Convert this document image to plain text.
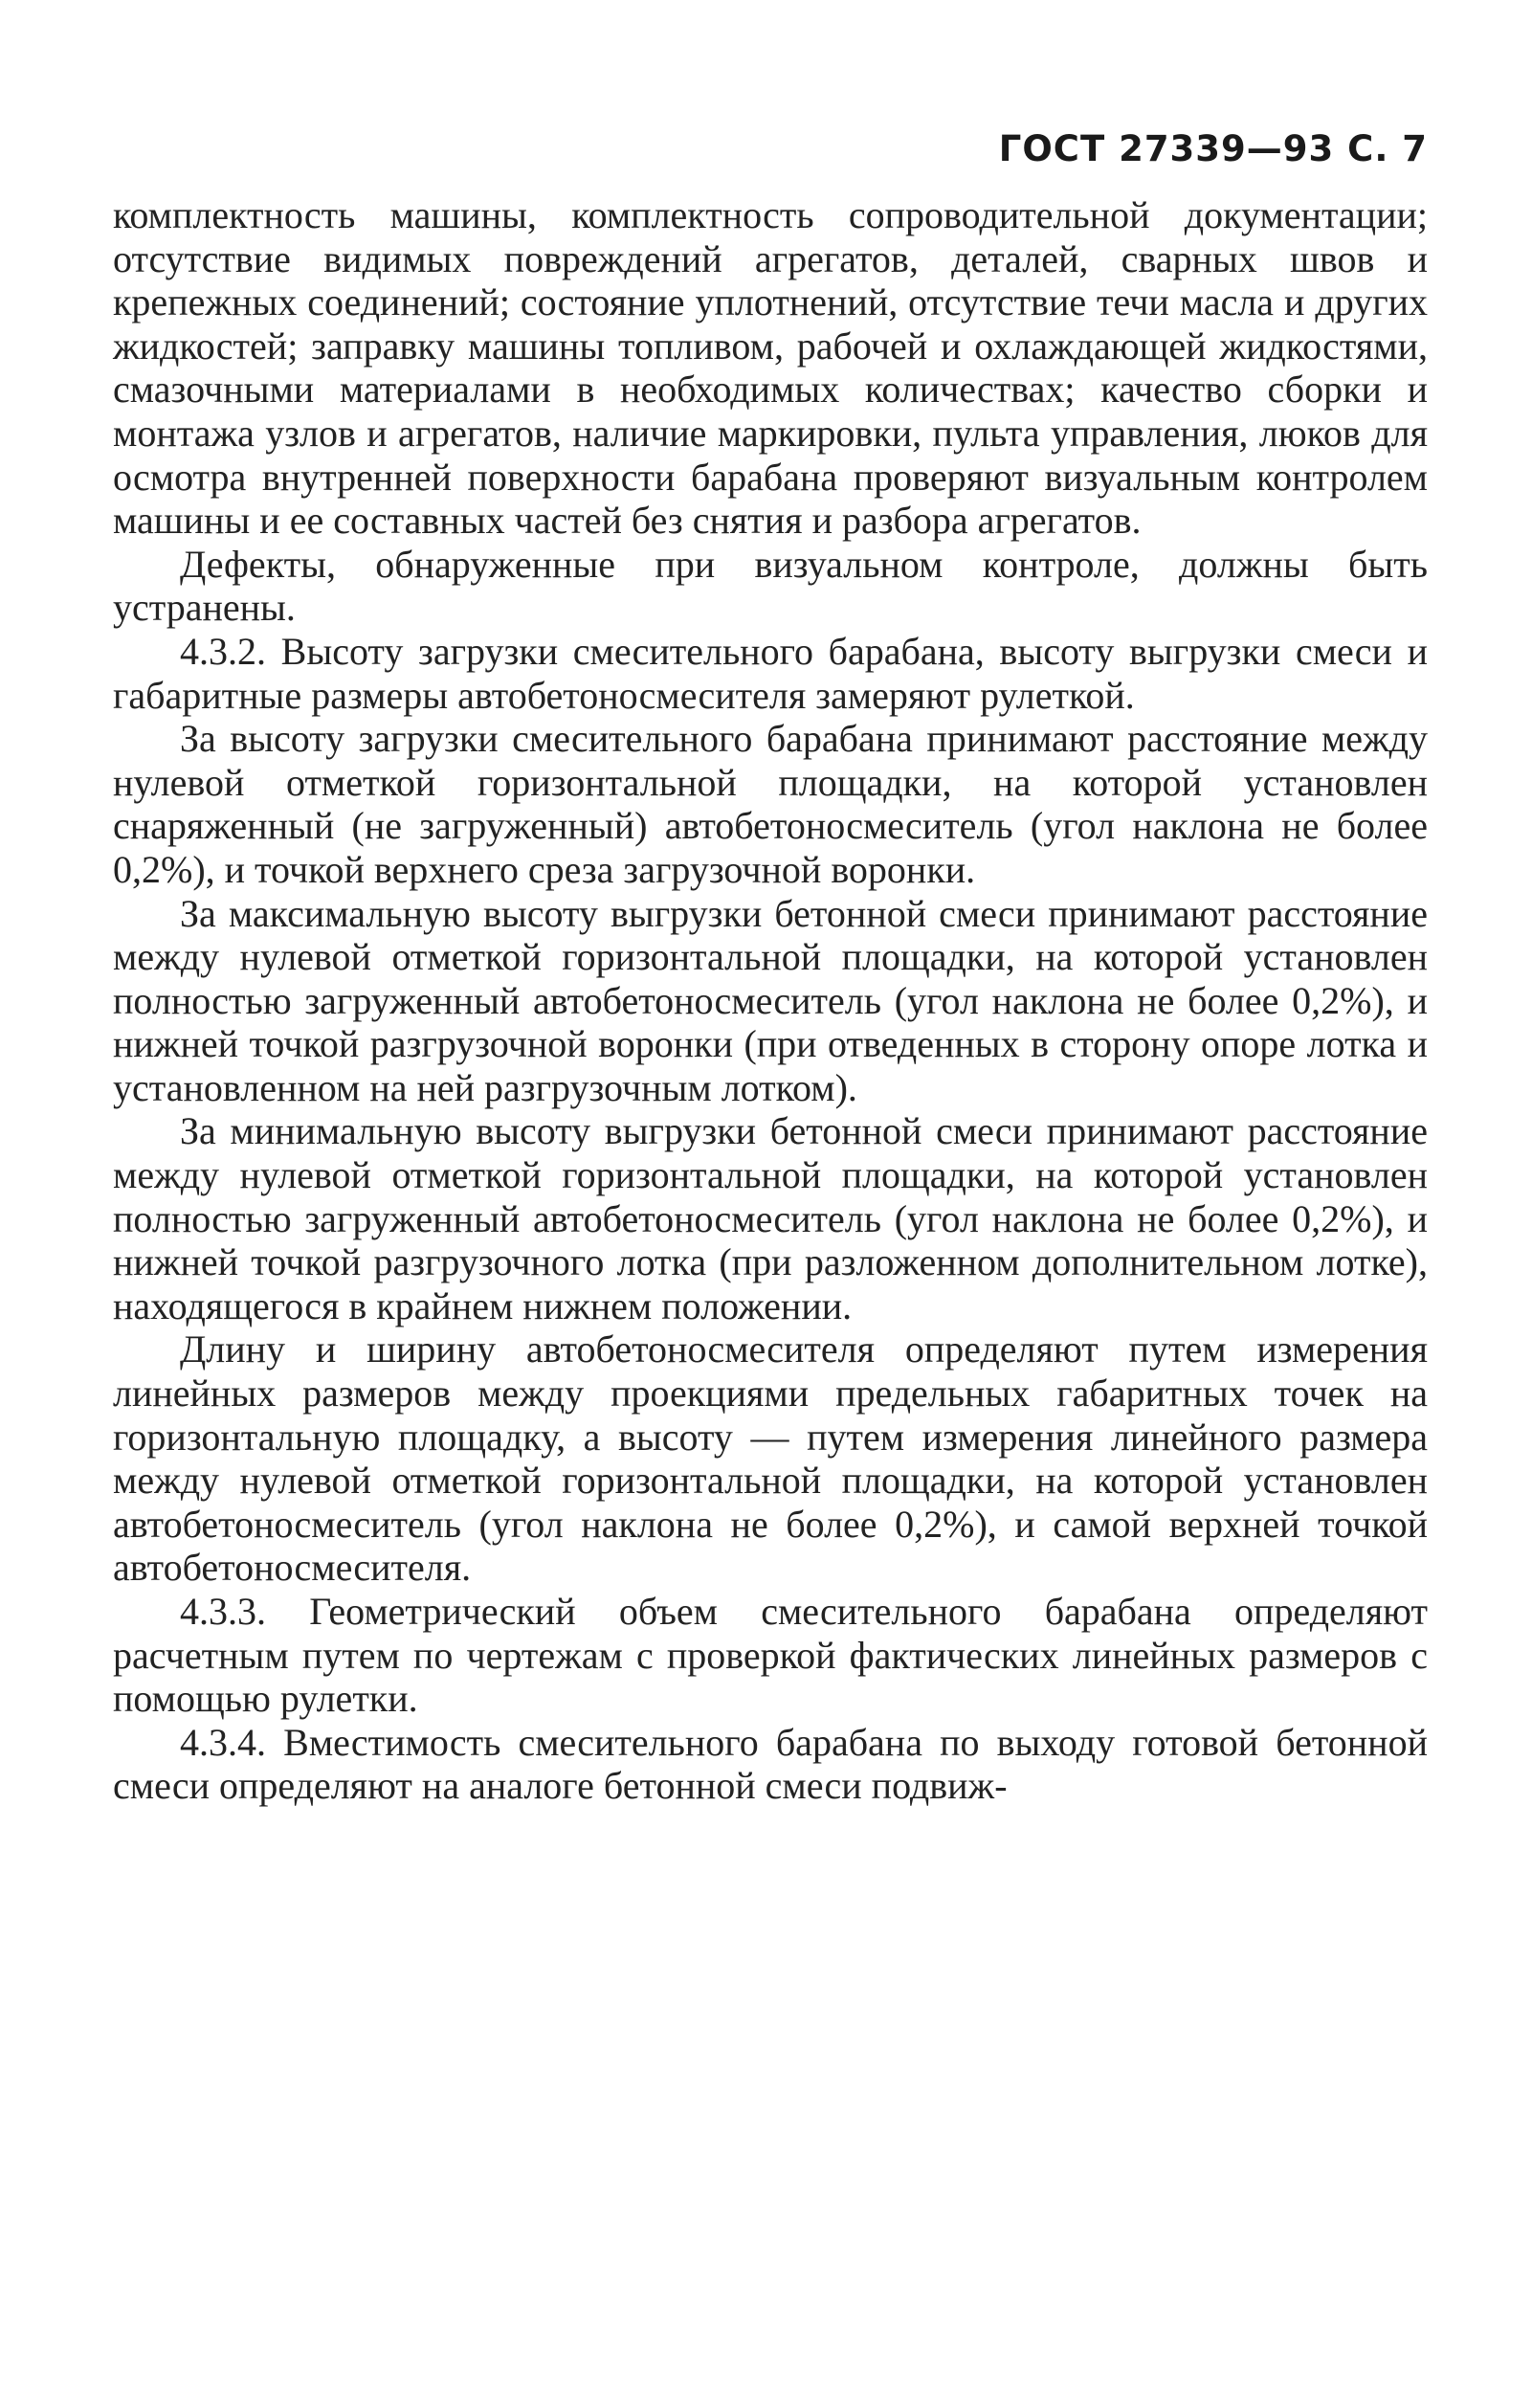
ГОСТ 27339—93 С. 7

комплектность машины, комплектность сопроводительной документации; отсутствие видимых повреждений агрегатов, деталей, сварных швов и крепежных соединений; состояние уплотнений, отсутствие течи масла и других жидкостей; заправку машины топливом, рабочей и охлаждающей жидкостями, смазочными материалами в необходимых количествах; качество сборки и монтажа узлов и агрегатов, наличие маркировки, пульта управления, люков для осмотра внутренней поверхности барабана проверяют визуальным контролем машины и ее составных частей без снятия и разбора агрегатов.

Дефекты, обнаруженные при визуальном контроле, должны быть устранены.

4.3.2. Высоту загрузки смесительного барабана, высоту выгрузки смеси и габаритные размеры автобетоносмесителя замеряют рулеткой.

За высоту загрузки смесительного барабана принимают расстояние между нулевой отметкой горизонтальной площадки, на которой установлен снаряженный (не загруженный) автобетоносмеситель (угол наклона не более 0,2%), и точкой верхнего среза загрузочной воронки.

За максимальную высоту выгрузки бетонной смеси принимают расстояние между нулевой отметкой горизонтальной площадки, на которой установлен полностью загруженный автобетоносмеситель (угол наклона не более 0,2%), и нижней точкой разгрузочной воронки (при отведенных в сторону опоре лотка и установленном на ней разгрузочным лотком).

За минимальную высоту выгрузки бетонной смеси принимают расстояние между нулевой отметкой горизонтальной площадки, на которой установлен полностью загруженный автобетоносмеситель (угол наклона не более 0,2%), и нижней точкой разгрузочного лотка (при разложенном дополнительном лотке), находящегося в крайнем нижнем положении.

Длину и ширину автобетоносмесителя определяют путем измерения линейных размеров между проекциями предельных габаритных точек на горизонтальную площадку, а высоту — путем измерения линейного размера между нулевой отметкой горизонтальной площадки, на которой установлен автобетоносмеситель (угол наклона не более 0,2%), и самой верхней точкой автобетоносмесителя.

4.3.3. Геометрический объем смесительного барабана определяют расчетным путем по чертежам с проверкой фактических линейных размеров с помощью рулетки.

4.3.4. Вместимость смесительного барабана по выходу готовой бетонной смеси определяют на аналоге бетонной смеси подвиж-
